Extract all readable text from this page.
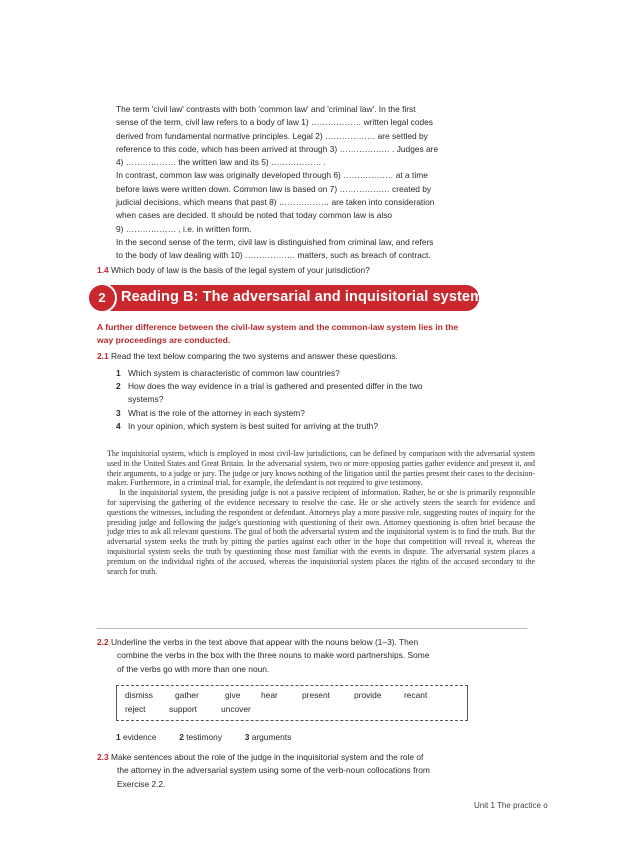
The term 'civil law' contrasts with both 'common law' and 'criminal law'. In the first
sense of the term, civil law refers to a body of law 1) ……………… written legal codes
derived from fundamental normative principles. Legal 2) ……………… are settled by
reference to this code, which has been arrived at through 3) ……………… . Judges are
4) ……………… the written law and its 5) ……………… .
In contrast, common law was originally developed through 6) ……………… at a time
before laws were written down. Common law is based on 7) ……………… created by
judicial decisions, which means that past 8) ……………… are taken into consideration
when cases are decided. It should be noted that today common law is also
9) ……………… , i.e. in written form.
In the second sense of the term, civil law is distinguished from criminal law, and refers
to the body of law dealing with 10) ……………… matters, such as breach of contract.
1.4 Which body of law is the basis of the legal system of your jurisdiction?
2	Reading B: The adversarial and inquisitorial systems
A further difference between the civil-law system and the common-law system lies in the
way proceedings are conducted.
2.1 Read the text below comparing the two systems and answer these questions.
1 Which system is characteristic of common law countries?
2 How does the way evidence in a trial is gathered and presented differ in the two
systems?
3 What is the role of the attorney in each system?
4 In your opinion, which system is best suited for arriving at the truth?

The inquisitorial system, which is employed in most civil-law jurisdictions, can be defined by comparison with the adversarial system used in the United States and Great Britain. In the adversarial system, two or more opposing parties gather evidence and present it, and their arguments, to a judge or jury. The judge or jury knows nothing of the litigation until the parties present their cases to the decision-maker. Furthermore, in a criminal trial, for example, the defendant is not required to give testimony.

In the inquisitorial system, the presiding judge is not a passive recipient of information. Rather, he or she is primarily responsible for supervising the gathering of the evidence necessary to resolve the case. He or she actively steers the search for evidence and questions the witnesses, including the respondent or defendant. Attorneys play a more passive role, suggesting routes of inquiry for the presiding judge and following the judge's questioning with questioning of their own. Attorney questioning is often brief because the judge tries to ask all relevant questions. The goal of both the adversarial system and the inquisitorial system is to find the truth. But the adversarial system seeks the truth by pitting the parties against each other in the hope that competition will reveal it, whereas the inquisitorial system seeks the truth by questioning those most familiar with the events in dispute. The adversarial system places a premium on the individual rights of the accused, whereas the inquisitorial system places the rights of the accused secondary to the search for truth.

2.2 Underline the verbs in the text above that appear with the nouns below (1–3). Then
combine the verbs in the box with the three nouns to make word partnerships. Some
of the verbs go with more than one noun.
dismiss	gather	give hear	present	provide	recant
reject	support	uncover
1 evidence	2 testimony	3 arguments
2.3 Make sentences about the role of the judge in the inquisitorial system and the role of
the attorney in the adversarial system using some of the verb-noun collocations from
Exercise 2.2.
Unit 1 The practice o
